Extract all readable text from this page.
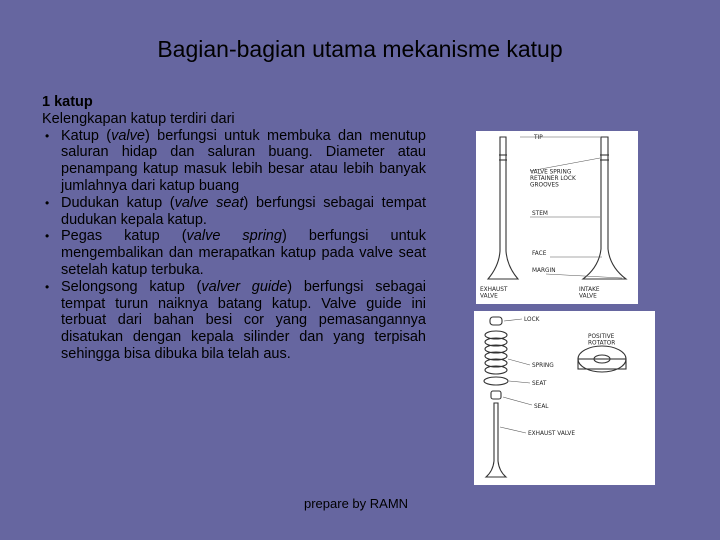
Bagian-bagian utama mekanisme katup
1 katup
Kelengkapan katup terdiri dari
• Katup (valve) berfungsi untuk membuka dan menutup saluran hidap dan saluran buang. Diameter atau penampang katup masuk lebih besar atau lebih banyak jumlahnya dari katup buang
• Dudukan katup (valve seat) berfungsi sebagai tempat dudukan kepala katup.
• Pegas katup (valve spring) berfungsi untuk mengembalikan dan merapatkan katup pada valve seat setelah katup terbuka.
• Selongsong katup (valver guide) berfungsi sebagai tempat turun naiknya batang katup. Valve guide ini terbuat dari bahan besi cor yang pemasangannya disatukan dengan kepala silinder dan yang terpisah sehingga bisa dibuka bila telah aus.
TIP
VALVE SPRING RETAINER LOCK GROOVES
STEM
FACE
MARGIN
EXHAUST VALVE
INTAKE VALVE
LOCK
POSITIVE ROTATOR
SPRING
SEAT
SEAL
EXHAUST VALVE
prepare by RAMN
